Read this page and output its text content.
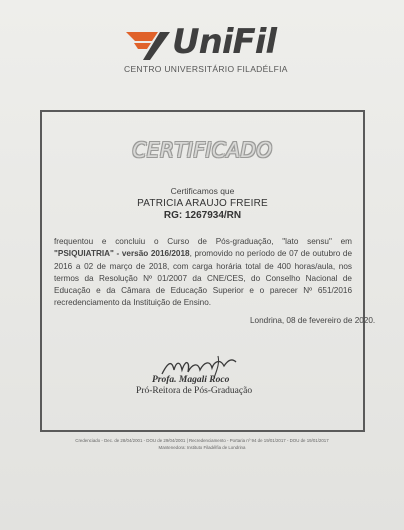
UniFil
CENTRO UNIVERSITÁRIO FILADÉLFIA
CERTIFICADO
Certificamos que
PATRICIA ARAUJO FREIRE
RG: 1267934/RN
frequentou e concluiu o Curso de Pós-graduação, "lato sensu" em "PSIQUIATRIA" - versão 2016/2018, promovido no período de 07 de outubro de 2016 a 02 de março de 2018, com carga horária total de 400 horas/aula, nos termos da Resolução Nº 01/2007 da CNE/CES, do Conselho Nacional de Educação e da Câmara de Educação Superior e o parecer Nº 651/2016 recredenciamento da Instituição de Ensino.
Londrina, 08 de fevereiro de 2020.
Profa. Magali Roco
Pró-Reitora de Pós-Graduação
Credenciado - Dec. de 28/04/2001 - DOU de 29/04/2001 | Recredenciamento - Portaria nº 94 de 19/01/2017 - DOU de 19/01/2017
Mantenedora: Instituto Filadélfia de Londrina
